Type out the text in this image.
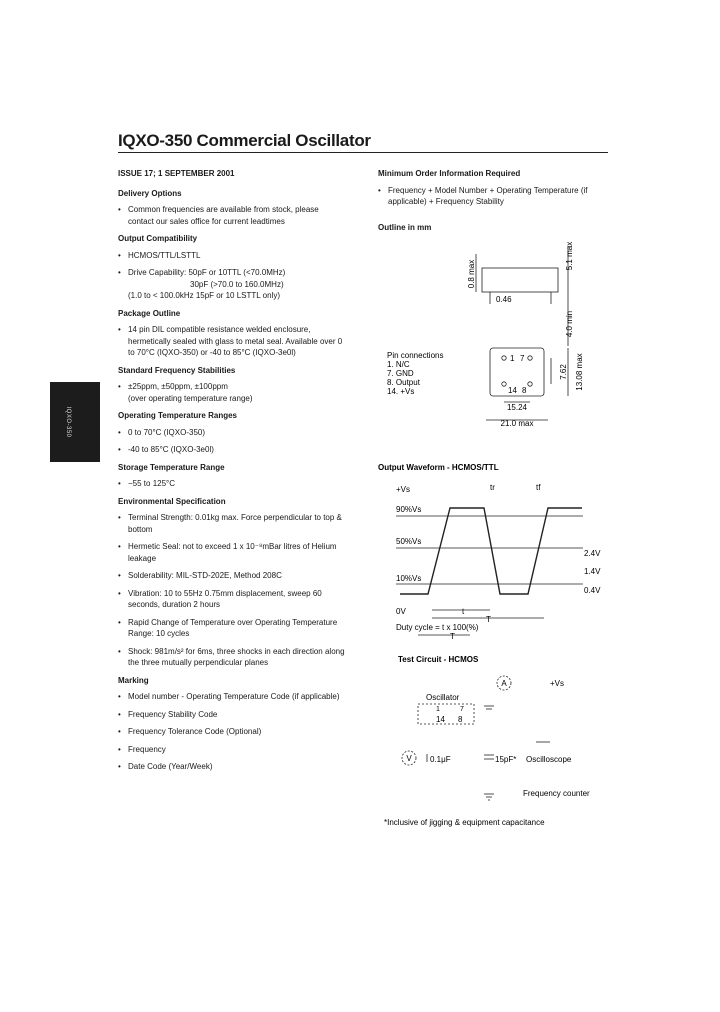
IQXO-350 Commercial Oscillator
IQXO-350
ISSUE 17; 1 SEPTEMBER 2001
Delivery Options
• Common frequencies are available from stock, please contact our sales office for current leadtimes
Output Compatibility
• HCMOS/TTL/LSTTL
• Drive Capability: 50pF or 10TTL (<70.0MHz)
30pF (>70.0 to 160.0MHz)
(1.0 to < 100.0kHz 15pF or 10 LSTTL only)
Package Outline
• 14 pin DIL compatible resistance welded enclosure, hermetically sealed with glass to metal seal. Available over 0 to 70°C (IQXO-350) or -40 to 85°C (IQXO-3e0l)
Standard Frequency Stabilities
• ±25ppm, ±50ppm, ±100ppm
(over operating temperature range)
Operating Temperature Ranges
• 0 to 70°C (IQXO-350)
• -40 to 85°C (IQXO-3e0l)
Storage Temperature Range
• −55 to 125°C
Environmental Specification
• Terminal Strength: 0.01kg max. Force perpendicular to top & bottom
• Hermetic Seal: not to exceed 1 x 10⁻⁸mBar litres of Helium leakage
• Solderability: MIL-STD-202E, Method 208C
• Vibration: 10 to 55Hz 0.75mm displacement, sweep 60 seconds, duration 2 hours
• Rapid Change of Temperature over Operating Temperature Range: 10 cycles
• Shock: 981m/s² for 6ms, three shocks in each direction along the three mutually perpendicular planes
Marking
• Model number - Operating Temperature Code (if applicable)
• Frequency Stability Code
• Frequency Tolerance Code (Optional)
• Frequency
• Date Code (Year/Week)
Minimum Order Information Required
• Frequency + Model Number + Operating Temperature (if applicable) + Frequency Stability
Outline in mm
0.8 max
5.1 max
0.46
4.0 min
7.62 13.08 max
15.24
21.0 max
1 7
14 8
Pin connections
1. N/C
7. GND
8. Output
14. +Vs
Output Waveform - HCMOS/TTL
+Vs	tr	tf
90%Vs
50%Vs
10%Vs
2.4V
1.4V
0.4V
0V	t
T
Duty cycle = t x 100(%)
T
Test Circuit - HCMOS
A	+Vs
Oscillator
1	7
14 8
V 0.1μF	15pF* Oscilloscope
Frequency counter
*Inclusive of jigging & equipment capacitance
